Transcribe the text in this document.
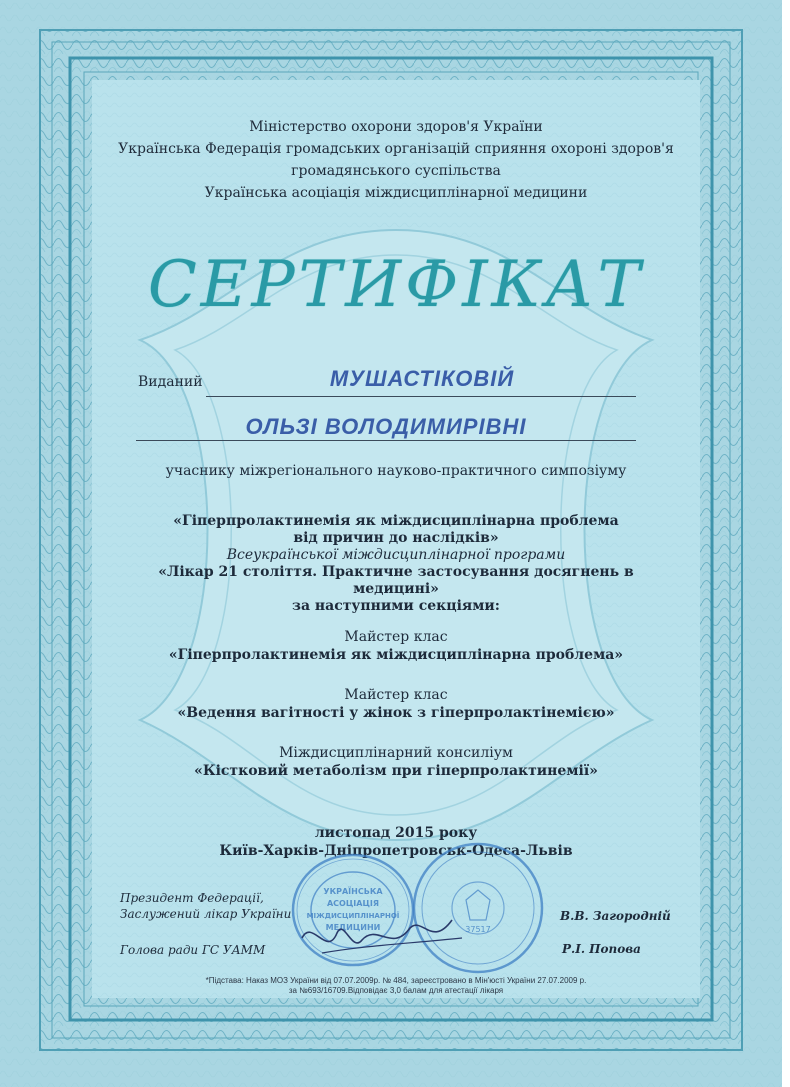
Міністерство охорони здоров'я України
Українська Федерація громадських організацій сприяння охороні здоров'я
громадянського суспільства
Українська асоціація міждисциплінарної медицини
СЕРТИФІКАТ
Виданий	МУШАСТІКОВІЙ
ОЛЬЗІ ВОЛОДИМИРІВНІ
учаснику міжрегіонального науково-практичного симпозіуму
«Гіперпролактинемія як міждисциплінарна проблема
від причин до наслідків»
Всеукраїнської міждисциплінарної програми
«Лікар 21 століття. Практичне застосування досягнень в
медицині»
за наступними секціями:
Майстер клас
«Гіперпролактинемія як міждисциплінарна проблема»
Майстер клас
«Ведення вагітності у жінок з гіперпролактінемією»
Міждисциплінарний консиліум
«Кістковий метаболізм при гіперпролактинемії»
листопад 2015 року
Київ-Харків-Дніпропетровськ-Одеса-Львів
УКРАЇНСЬКА
АСОЦІАЦІЯ
МІЖДИСЦИПЛІНАРНОЇ
МЕДИЦИНИ	37517
Президент Федерації,
Заслужений лікар України	В.В. Загородній
Голова ради ГС УАММ	Р.І. Попова
*Підстава: Наказ МОЗ України від 07.07.2009р. № 484, зареєстровано в Мін'юсті України 27.07.2009 р.
за №693/16709.Відповідає 3,0 балам для атестації лікаря
